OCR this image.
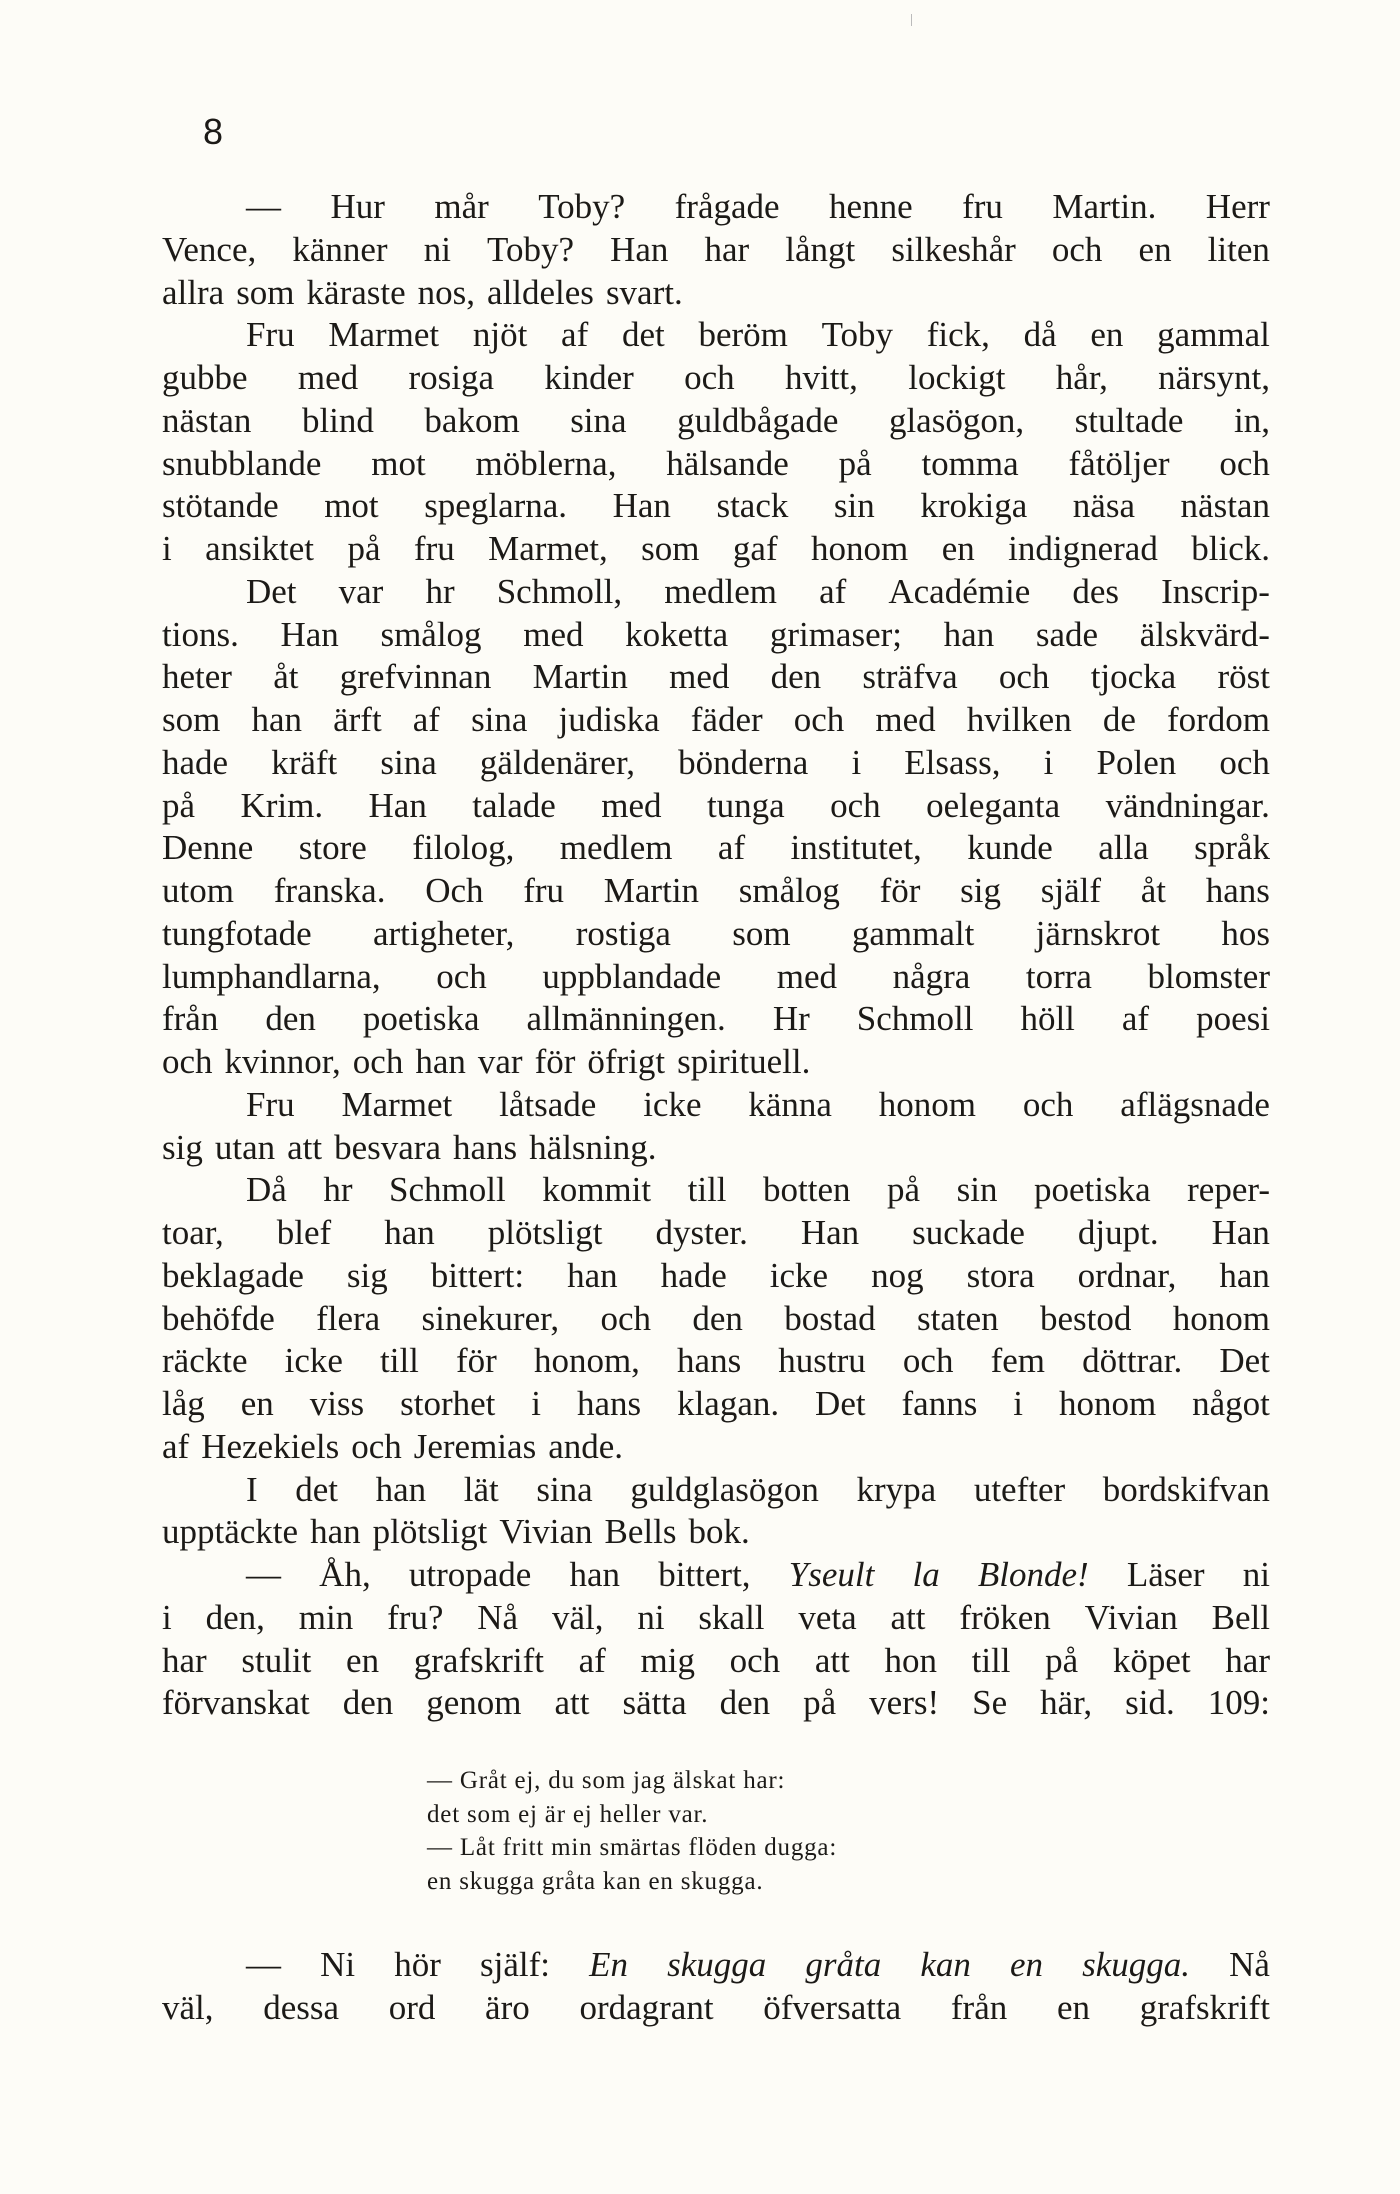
8
— Hur mår Toby? frågade henne fru Martin. Herr
Vence, känner ni Toby? Han har långt silkeshår och en liten
allra som käraste nos, alldeles svart.
Fru Marmet njöt af det beröm Toby fick, då en gammal
gubbe med rosiga kinder och hvitt, lockigt hår, närsynt,
nästan blind bakom sina guldbågade glasögon, stultade in,
snubblande mot möblerna, hälsande på tomma fåtöljer och
stötande mot speglarna. Han stack sin krokiga näsa nästan
i ansiktet på fru Marmet, som gaf honom en indignerad blick.
Det var hr Schmoll, medlem af Académie des Inscrip-
tions. Han smålog med koketta grimaser; han sade älskvärd-
heter åt grefvinnan Martin med den sträfva och tjocka röst
som han ärft af sina judiska fäder och med hvilken de fordom
hade kräft sina gäldenärer, bönderna i Elsass, i Polen och
på Krim. Han talade med tunga och oeleganta vändningar.
Denne store filolog, medlem af institutet, kunde alla språk
utom franska. Och fru Martin smålog för sig själf åt hans
tungfotade artigheter, rostiga som gammalt järnskrot hos
lumphandlarna, och uppblandade med några torra blomster
från den poetiska allmänningen. Hr Schmoll höll af poesi
och kvinnor, och han var för öfrigt spirituell.
Fru Marmet låtsade icke känna honom och aflägsnade
sig utan att besvara hans hälsning.
Då hr Schmoll kommit till botten på sin poetiska reper-
toar, blef han plötsligt dyster. Han suckade djupt. Han
beklagade sig bittert: han hade icke nog stora ordnar, han
behöfde flera sinekurer, och den bostad staten bestod honom
räckte icke till för honom, hans hustru och fem döttrar. Det
låg en viss storhet i hans klagan. Det fanns i honom något
af Hezekiels och Jeremias ande.
I det han lät sina guldglasögon krypa utefter bordskifvan
upptäckte han plötsligt Vivian Bells bok.
— Åh, utropade han bittert, Yseult la Blonde! Läser ni
i den, min fru? Nå väl, ni skall veta att fröken Vivian Bell
har stulit en grafskrift af mig och att hon till på köpet har
förvanskat den genom att sätta den på vers! Se här, sid. 109:
— Gråt ej, du som jag älskat har:
det som ej är ej heller var.
— Låt fritt min smärtas flöden dugga:
en skugga gråta kan en skugga.
— Ni hör själf: En skugga gråta kan en skugga. Nå
väl, dessa ord äro ordagrant öfversatta från en grafskrift
